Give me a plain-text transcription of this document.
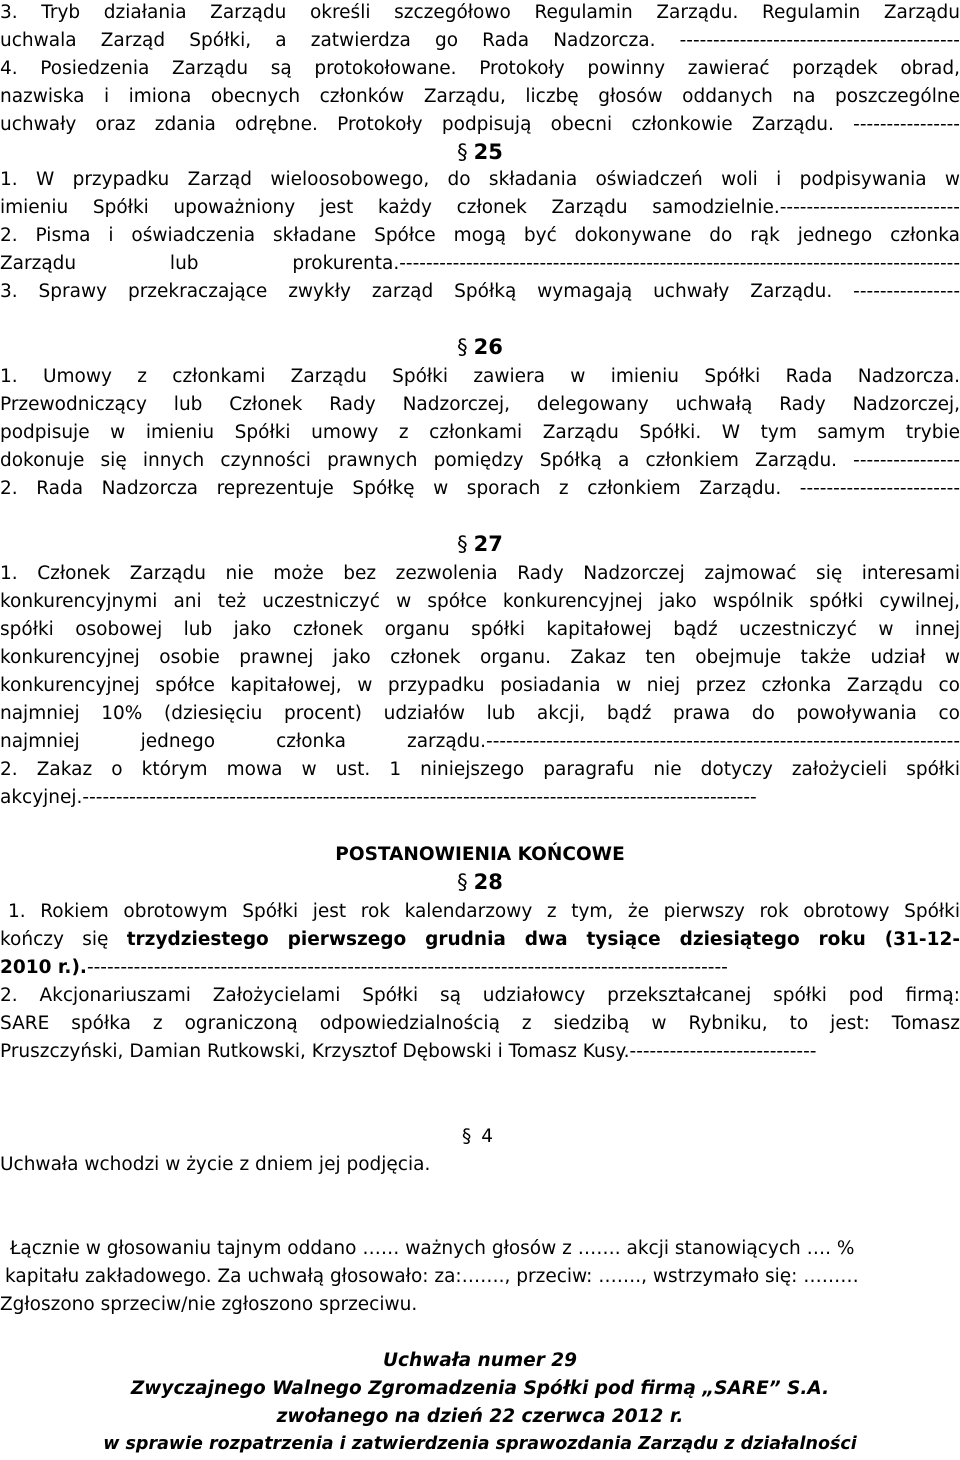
3. Tryb działania Zarządu określi szczegółowo Regulamin Zarządu. Regulamin Zarządu
uchwala Zarząd Spółki, a zatwierdza go Rada Nadzorcza. ------------------------------------------
4. Posiedzenia Zarządu są protokołowane. Protokoły powinny zawierać porządek obrad,
nazwiska i imiona obecnych członków Zarządu, liczbę głosów oddanych na poszczególne
uchwały oraz zdania odrębne. Protokoły podpisują obecni członkowie Zarządu. ----------------
§ 25
1. W przypadku Zarząd wieloosobowego, do składania oświadczeń woli i podpisywania w
imieniu Spółki upoważniony jest każdy członek Zarządu samodzielnie.---------------------------
2. Pisma i oświadczenia składane Spółce mogą być dokonywane do rąk jednego członka
Zarządu lub prokurenta.------------------------------------------------------------------------------------
3. Sprawy przekraczające zwykły zarząd Spółką wymagają uchwały Zarządu. ----------------
§ 26
1. Umowy z członkami Zarządu Spółki zawiera w imieniu Spółki Rada Nadzorcza.
Przewodniczący lub Członek Rady Nadzorczej, delegowany uchwałą Rady Nadzorczej,
podpisuje w imieniu Spółki umowy z członkami Zarządu Spółki. W tym samym trybie
dokonuje się innych czynności prawnych pomiędzy Spółką a członkiem Zarządu. ----------------
2. Rada Nadzorcza reprezentuje Spółkę w sporach z członkiem Zarządu. ------------------------
§ 27
1. Członek Zarządu nie może bez zezwolenia Rady Nadzorczej zajmować się interesami
konkurencyjnymi ani też uczestniczyć w spółce konkurencyjnej jako wspólnik spółki cywilnej,
spółki osobowej lub jako członek organu spółki kapitałowej bądź uczestniczyć w innej
konkurencyjnej osobie prawnej jako członek organu. Zakaz ten obejmuje także udział w
konkurencyjnej spółce kapitałowej, w przypadku posiadania w niej przez członka Zarządu co
najmniej 10% (dziesięciu procent) udziałów lub akcji, bądź prawa do powoływania co
najmniej jednego członka zarządu.-----------------------------------------------------------------------
2. Zakaz o którym mowa w ust. 1 niniejszego paragrafu nie dotyczy założycieli spółki
akcyjnej.-----------------------------------------------------------------------------------------------------
POSTANOWIENIA KOŃCOWE
§ 28
1. Rokiem obrotowym Spółki jest rok kalendarzowy z tym, że pierwszy rok obrotowy Spółki
kończy się trzydziestego pierwszego grudnia dwa tysiące dziesiątego roku (31-12-
2010 r.).------------------------------------------------------------------------------------------------
2. Akcjonariuszami Założycielami Spółki są udziałowcy przekształcanej spółki pod firmą:
SARE spółka z ograniczoną odpowiedzialnością z siedzibą w Rybniku, to jest: Tomasz
Pruszczyński, Damian Rutkowski, Krzysztof Dębowski i Tomasz Kusy.----------------------------
§ 4
Uchwała wchodzi w życie z dniem jej podjęcia.
Łącznie w głosowaniu tajnym oddano …… ważnych głosów z ……. akcji stanowiących …. %
kapitału zakładowego. Za uchwałą głosowało: za:……., przeciw: ……., wstrzymało się: ………
Zgłoszono sprzeciw/nie zgłoszono sprzeciwu.
Uchwała numer 29
Zwyczajnego Walnego Zgromadzenia Spółki pod firmą „SARE” S.A.
zwołanego na dzień 22 czerwca 2012 r.
w sprawie rozpatrzenia i zatwierdzenia sprawozdania Zarządu z działalności
